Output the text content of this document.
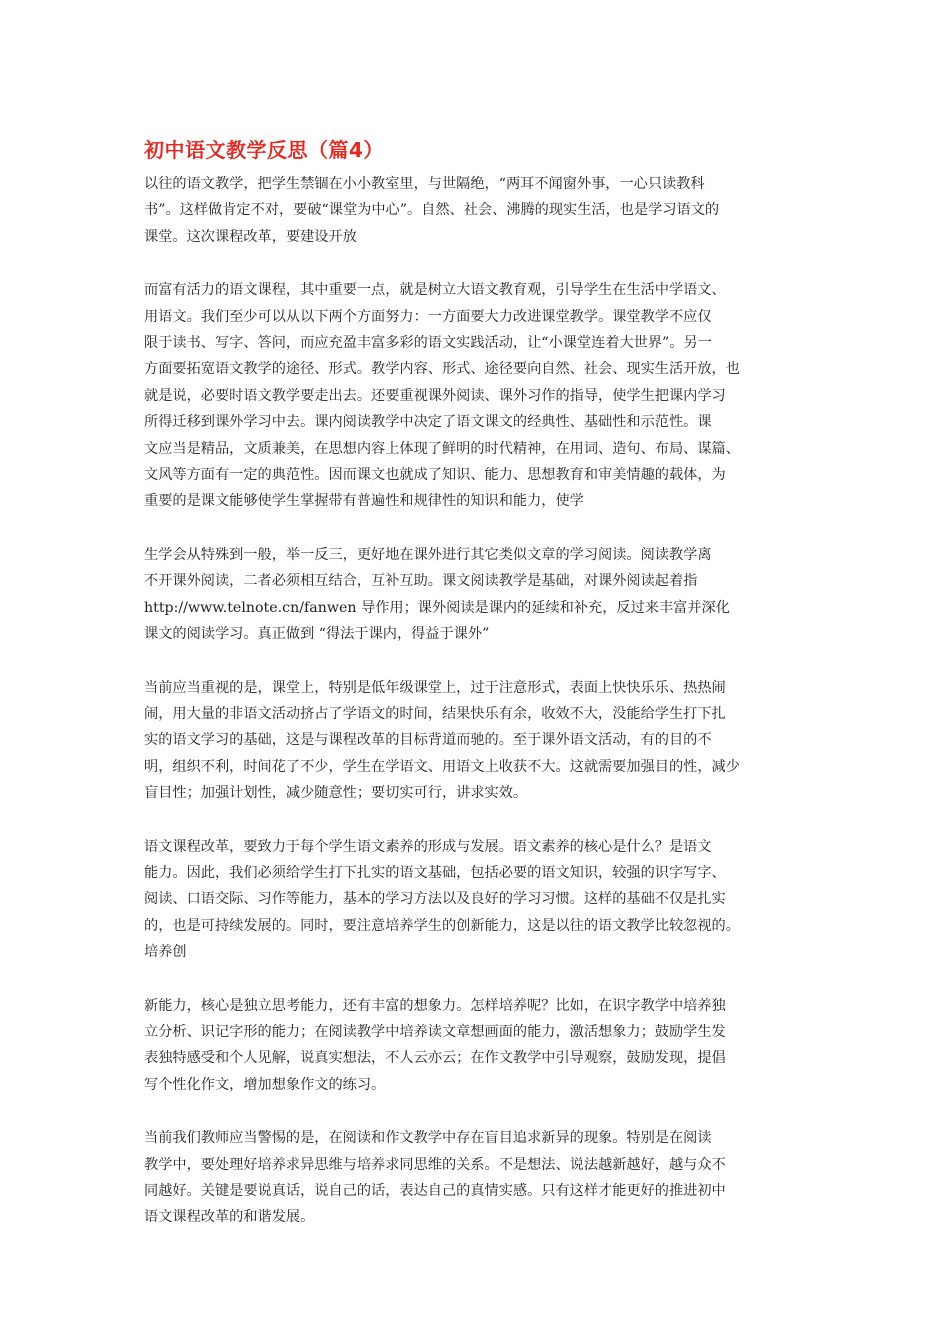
初中语文教学反思（篇4）

以往的语文教学，把学生禁锢在小小教室里，与世隔绝，“两耳不闻窗外事，一心只读教科
书”。这样做肯定不对，要破“课堂为中心”。自然、社会、沸腾的现实生活，也是学习语文的
课堂。这次课程改革，要建设开放

而富有活力的语文课程，其中重要一点，就是树立大语文教育观，引导学生在生活中学语文、
用语文。我们至少可以从以下两个方面努力：一方面要大力改进课堂教学。课堂教学不应仅
限于读书、写字、答问，而应充盈丰富多彩的语文实践活动，让“小课堂连着大世界”。另一
方面要拓宽语文教学的途径、形式。教学内容、形式、途径要向自然、社会、现实生活开放，也
就是说，必要时语文教学要走出去。还要重视课外阅读、课外习作的指导，使学生把课内学习
所得迁移到课外学习中去。课内阅读教学中决定了语文课文的经典性、基础性和示范性。课
文应当是精品，文质兼美，在思想内容上体现了鲜明的时代精神，在用词、造句、布局、谋篇、
文风等方面有一定的典范性。因而课文也就成了知识、能力、思想教育和审美情趣的载体，为
重要的是课文能够使学生掌握带有普遍性和规律性的知识和能力，使学

生学会从特殊到一般，举一反三，更好地在课外进行其它类似文章的学习阅读。阅读教学离
不开课外阅读，二者必须相互结合，互补互助。课文阅读教学是基础，对课外阅读起着指
http://www.telnote.cn/fanwen 导作用；课外阅读是课内的延续和补充，反过来丰富并深化
课文的阅读学习。真正做到 “得法于课内，得益于课外”

当前应当重视的是，课堂上，特别是低年级课堂上，过于注意形式，表面上快快乐乐、热热闹
闹，用大量的非语文活动挤占了学语文的时间，结果快乐有余，收效不大，没能给学生打下扎
实的语文学习的基础，这是与课程改革的目标背道而驰的。至于课外语文活动，有的目的不
明，组织不利，时间花了不少，学生在学语文、用语文上收获不大。这就需要加强目的性，减少
盲目性；加强计划性，减少随意性；要切实可行，讲求实效。

语文课程改革，要致力于每个学生语文素养的形成与发展。语文素养的核心是什么？是语文
能力。因此，我们必须给学生打下扎实的语文基础，包括必要的语文知识，较强的识字写字、
阅读、口语交际、习作等能力，基本的学习方法以及良好的学习习惯。这样的基础不仅是扎实
的，也是可持续发展的。同时，要注意培养学生的创新能力，这是以往的语文教学比较忽视的。
培养创

新能力，核心是独立思考能力，还有丰富的想象力。怎样培养呢？比如，在识字教学中培养独
立分析、识记字形的能力；在阅读教学中培养读文章想画面的能力，激活想象力；鼓励学生发
表独特感受和个人见解，说真实想法，不人云亦云；在作文教学中引导观察，鼓励发现，提倡
写个性化作文，增加想象作文的练习。

当前我们教师应当警惕的是，在阅读和作文教学中存在盲目追求新异的现象。特别是在阅读
教学中，要处理好培养求异思维与培养求同思维的关系。不是想法、说法越新越好，越与众不
同越好。关键是要说真话，说自己的话，表达自己的真情实感。只有这样才能更好的推进初中
语文课程改革的和谐发展。
